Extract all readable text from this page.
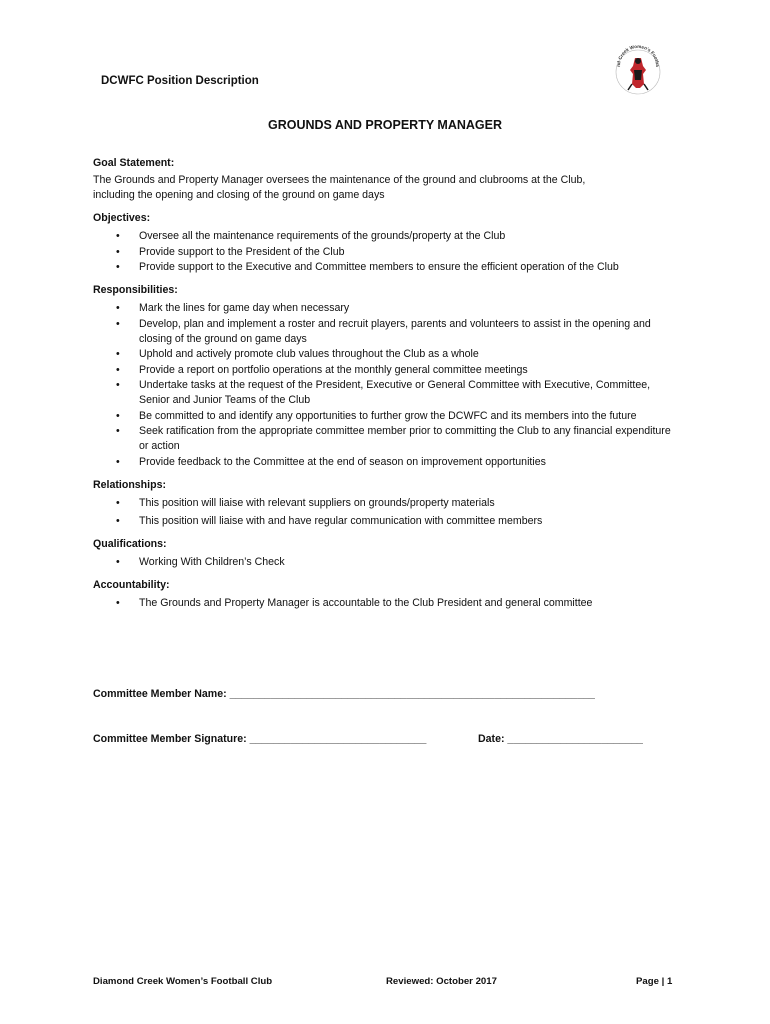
DCWFC Position Description
nd Creek Women's Footba
GROUNDS AND PROPERTY MANAGER

Goal Statement:

The Grounds and Property Manager oversees the maintenance of the ground and clubrooms at the Club,
including the opening and closing of the ground on game days

Objectives:

• Oversee all the maintenance requirements of the grounds/property at the Club
• Provide support to the President of the Club
• Provide support to the Executive and Committee members to ensure the efficient operation of the Club

Responsibilities:

• Mark the lines for game day when necessary
• Develop, plan and implement a roster and recruit players, parents and volunteers to assist in the opening and closing of the ground on game days
• Uphold and actively promote club values throughout the Club as a whole
• Provide a report on portfolio operations at the monthly general committee meetings
• Undertake tasks at the request of the President, Executive or General Committee with Executive, Committee, Senior and Junior Teams of the Club
• Be committed to and identify any opportunities to further grow the DCWFC and its members into the future
• Seek ratification from the appropriate committee member prior to committing the Club to any financial expenditure or action
• Provide feedback to the Committee at the end of season on improvement opportunities

Relationships:

• This position will liaise with relevant suppliers on grounds/property materials
• This position will liaise with and have regular communication with committee members

Qualifications:

• Working With Children’s Check

Accountability:

• The Grounds and Property Manager is accountable to the Club President and general committee
Committee Member Name: ______________________________________________________________
Committee Member Signature: ______________________________	Date: _______________________
Diamond Creek Women’s Football Club	Reviewed: October 2017	Page | 1
